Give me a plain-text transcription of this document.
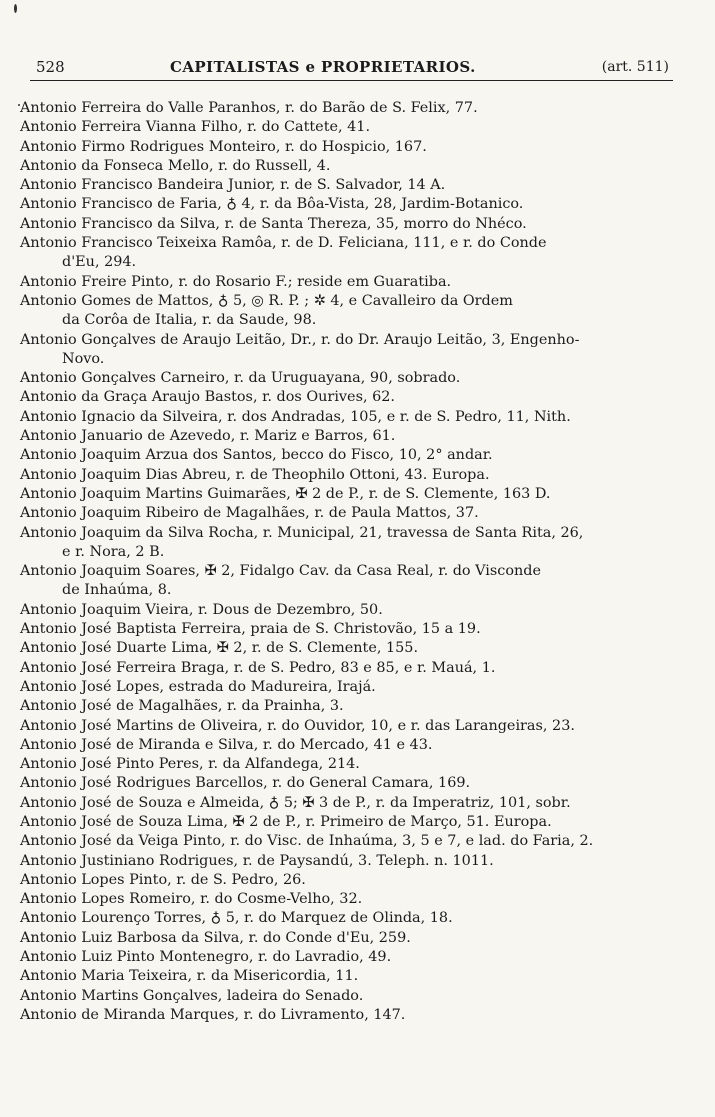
528	CAPITALISTAS e PROPRIETARIOS.	(art. 511)

Antonio Ferreira do Valle Paranhos, r. do Barão de S. Felix, 77.

Antonio Ferreira Vianna Filho, r. do Cattete, 41.

Antonio Firmo Rodrigues Monteiro, r. do Hospicio, 167.

Antonio da Fonseca Mello, r. do Russell, 4.

Antonio Francisco Bandeira Junior, r. de S. Salvador, 14 A.

Antonio Francisco de Faria, ♁ 4, r. da Bôa-Vista, 28, Jardim-Botanico.

Antonio Francisco da Silva, r. de Santa Thereza, 35, morro do Nhéco.

Antonio Francisco Teixeixa Ramôa, r. de D. Feliciana, 111, e r. do Conde
d'Eu, 294.

Antonio Freire Pinto, r. do Rosario F.; reside em Guaratiba.

Antonio Gomes de Mattos, ♁ 5, ◎ R. P. ; ✲ 4, e Cavalleiro da Ordem
da Corôa de Italia, r. da Saude, 98.

Antonio Gonçalves de Araujo Leitão, Dr., r. do Dr. Araujo Leitão, 3, Engenho-
Novo.

Antonio Gonçalves Carneiro, r. da Uruguayana, 90, sobrado.

Antonio da Graça Araujo Bastos, r. dos Ourives, 62.

Antonio Ignacio da Silveira, r. dos Andradas, 105, e r. de S. Pedro, 11, Nith.

Antonio Januario de Azevedo, r. Mariz e Barros, 61.

Antonio Joaquim Arzua dos Santos, becco do Fisco, 10, 2° andar.

Antonio Joaquim Dias Abreu, r. de Theophilo Ottoni, 43. Europa.

Antonio Joaquim Martins Guimarães, ✠ 2 de P., r. de S. Clemente, 163 D.

Antonio Joaquim Ribeiro de Magalhães, r. de Paula Mattos, 37.

Antonio Joaquim da Silva Rocha, r. Municipal, 21, travessa de Santa Rita, 26,
e r. Nora, 2 B.

Antonio Joaquim Soares, ✠ 2, Fidalgo Cav. da Casa Real, r. do Visconde
de Inhaúma, 8.

Antonio Joaquim Vieira, r. Dous de Dezembro, 50.

Antonio José Baptista Ferreira, praia de S. Christovão, 15 a 19.

Antonio José Duarte Lima, ✠ 2, r. de S. Clemente, 155.

Antonio José Ferreira Braga, r. de S. Pedro, 83 e 85, e r. Mauá, 1.

Antonio José Lopes, estrada do Madureira, Irajá.

Antonio José de Magalhães, r. da Prainha, 3.

Antonio José Martins de Oliveira, r. do Ouvidor, 10, e r. das Larangeiras, 23.

Antonio José de Miranda e Silva, r. do Mercado, 41 e 43.

Antonio José Pinto Peres, r. da Alfandega, 214.

Antonio José Rodrigues Barcellos, r. do General Camara, 169.

Antonio José de Souza e Almeida, ♁ 5; ✠ 3 de P., r. da Imperatriz, 101, sobr.

Antonio José de Souza Lima, ✠ 2 de P., r. Primeiro de Março, 51. Europa.

Antonio José da Veiga Pinto, r. do Visc. de Inhaúma, 3, 5 e 7, e lad. do Faria, 2.

Antonio Justiniano Rodrigues, r. de Paysandú, 3. Teleph. n. 1011.

Antonio Lopes Pinto, r. de S. Pedro, 26.

Antonio Lopes Romeiro, r. do Cosme-Velho, 32.

Antonio Lourenço Torres, ♁ 5, r. do Marquez de Olinda, 18.

Antonio Luiz Barbosa da Silva, r. do Conde d'Eu, 259.

Antonio Luiz Pinto Montenegro, r. do Lavradio, 49.

Antonio Maria Teixeira, r. da Misericordia, 11.

Antonio Martins Gonçalves, ladeira do Senado.

Antonio de Miranda Marques, r. do Livramento, 147.
